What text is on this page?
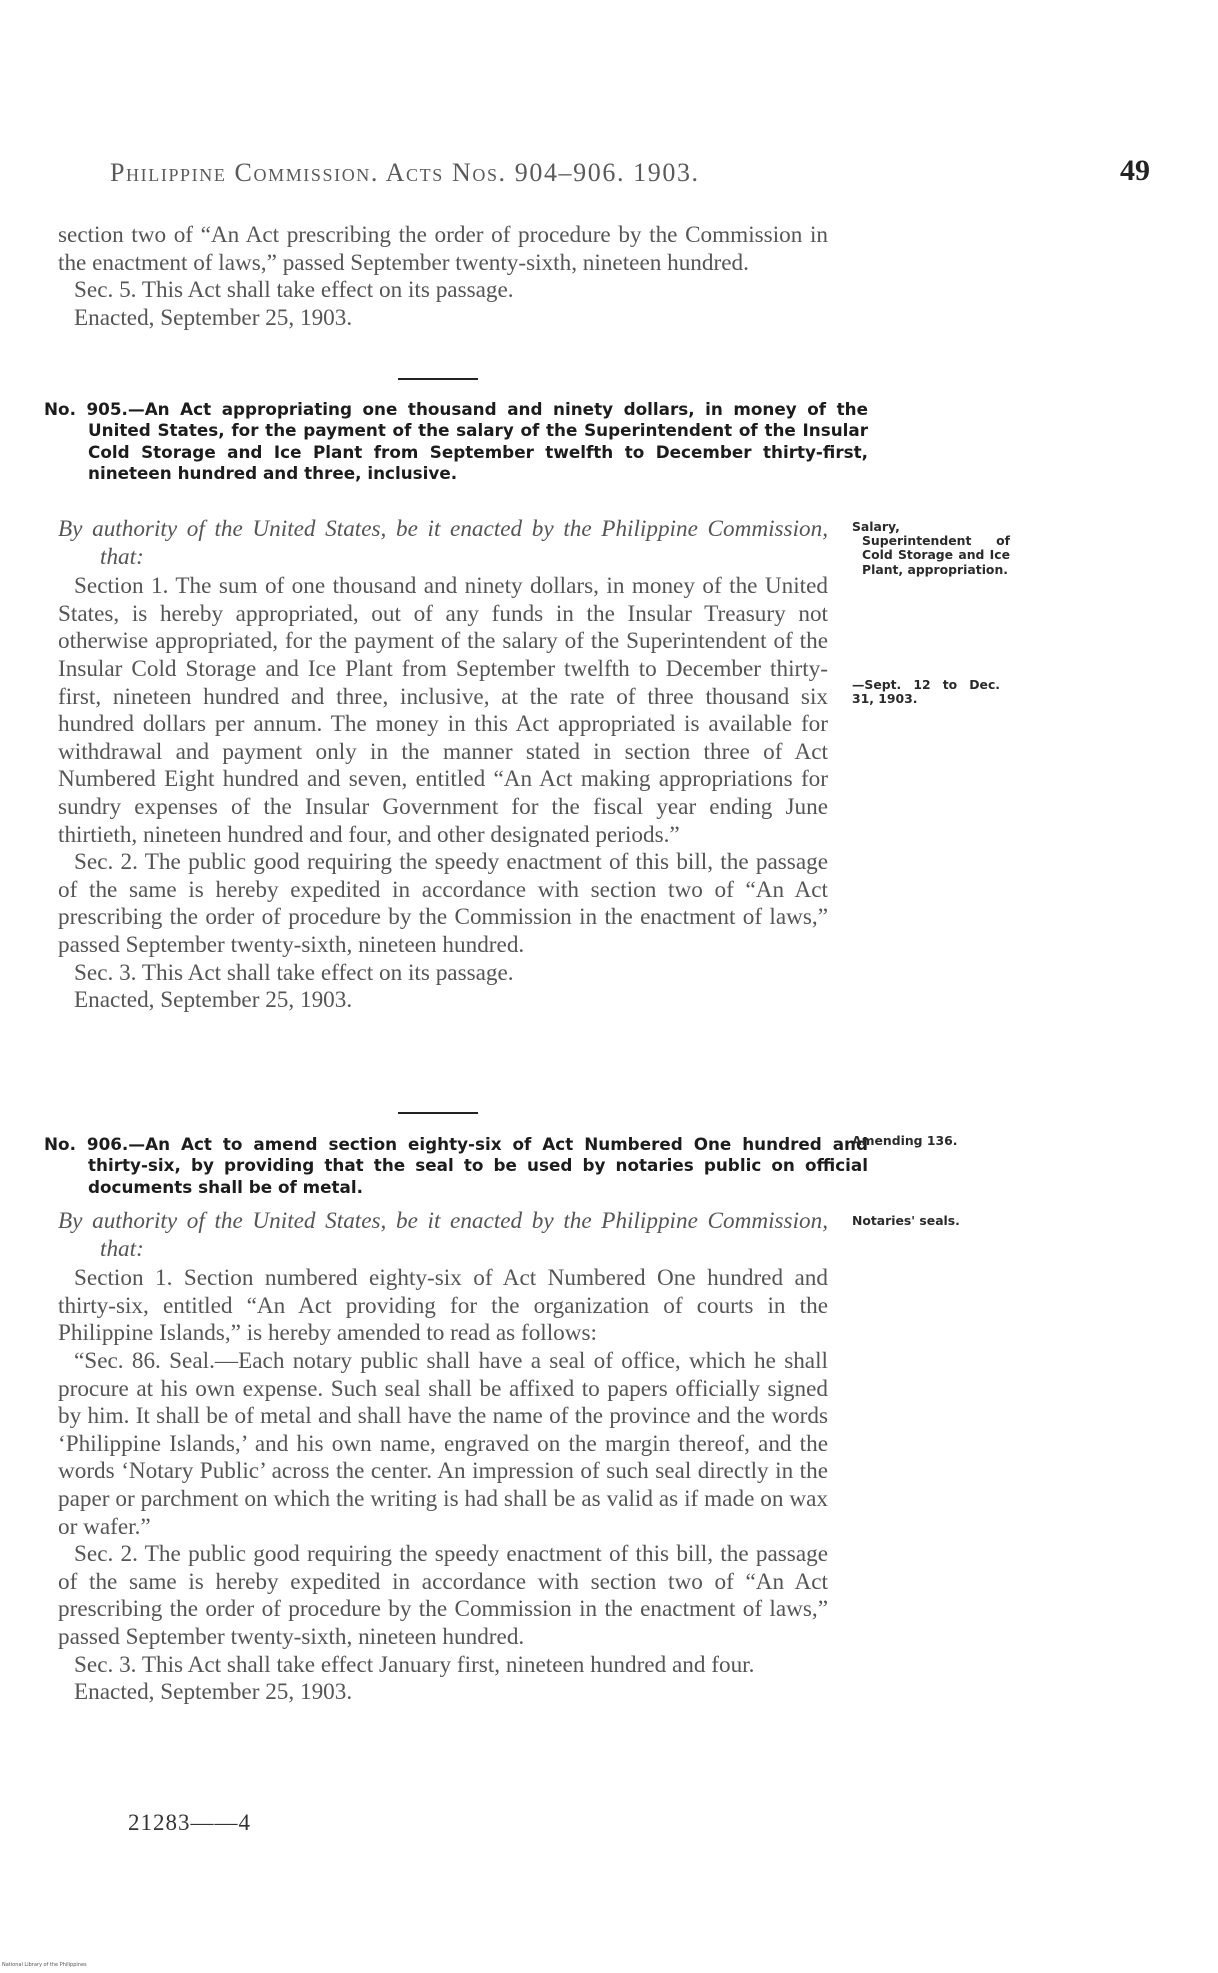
Philippine Commission. Acts Nos. 904–906. 1903.	49

section two of “An Act prescribing the order of procedure by the Commission in the enactment of laws,” passed September twenty-sixth, nineteen hundred.

Sec. 5. This Act shall take effect on its passage.

Enacted, September 25, 1903.

No. 905.—An Act appropriating one thousand and ninety dollars, in money of the United States, for the payment of the salary of the Superintendent of the Insular Cold Storage and Ice Plant from September twelfth to December thirty-first, nineteen hundred and three, inclusive.

By authority of the United States, be it enacted by the Philippine Commission, that:

Section 1. The sum of one thousand and ninety dollars, in money of the United States, is hereby appropriated, out of any funds in the Insular Treasury not otherwise appropriated, for the payment of the salary of the Superintendent of the Insular Cold Storage and Ice Plant from September twelfth to December thirty-first, nineteen hundred and three, inclusive, at the rate of three thousand six hundred dollars per annum. The money in this Act appropriated is available for withdrawal and payment only in the manner stated in section three of Act Numbered Eight hundred and seven, entitled “An Act making appropriations for sundry expenses of the Insular Government for the fiscal year ending June thirtieth, nineteen hundred and four, and other designated periods.”

Sec. 2. The public good requiring the speedy enactment of this bill, the passage of the same is hereby expedited in accordance with section two of “An Act prescribing the order of procedure by the Commission in the enactment of laws,” passed September twenty-sixth, nineteen hundred.

Sec. 3. This Act shall take effect on its passage.

Enacted, September 25, 1903.

Salary, Superintendent of Cold Storage and Ice Plant, appropriation.

—Sept. 12 to Dec. 31, 1903.

No. 906.—An Act to amend section eighty-six of Act Numbered One hundred and thirty-six, by providing that the seal to be used by notaries public on official documents shall be of metal.

Amending 136.

By authority of the United States, be it enacted by the Philippine Commission, that:

Section 1. Section numbered eighty-six of Act Numbered One hundred and thirty-six, entitled “An Act providing for the organization of courts in the Philippine Islands,” is hereby amended to read as follows:

“Sec. 86. Seal.—Each notary public shall have a seal of office, which he shall procure at his own expense. Such seal shall be affixed to papers officially signed by him. It shall be of metal and shall have the name of the province and the words ‘Philippine Islands,’ and his own name, engraved on the margin thereof, and the words ‘Notary Public’ across the center. An impression of such seal directly in the paper or parchment on which the writing is had shall be as valid as if made on wax or wafer.”

Sec. 2. The public good requiring the speedy enactment of this bill, the passage of the same is hereby expedited in accordance with section two of “An Act prescribing the order of procedure by the Commission in the enactment of laws,” passed September twenty-sixth, nineteen hundred.

Sec. 3. This Act shall take effect January first, nineteen hundred and four.

Enacted, September 25, 1903.

Notaries' seals.

21283——4
National Library of the Philippines
